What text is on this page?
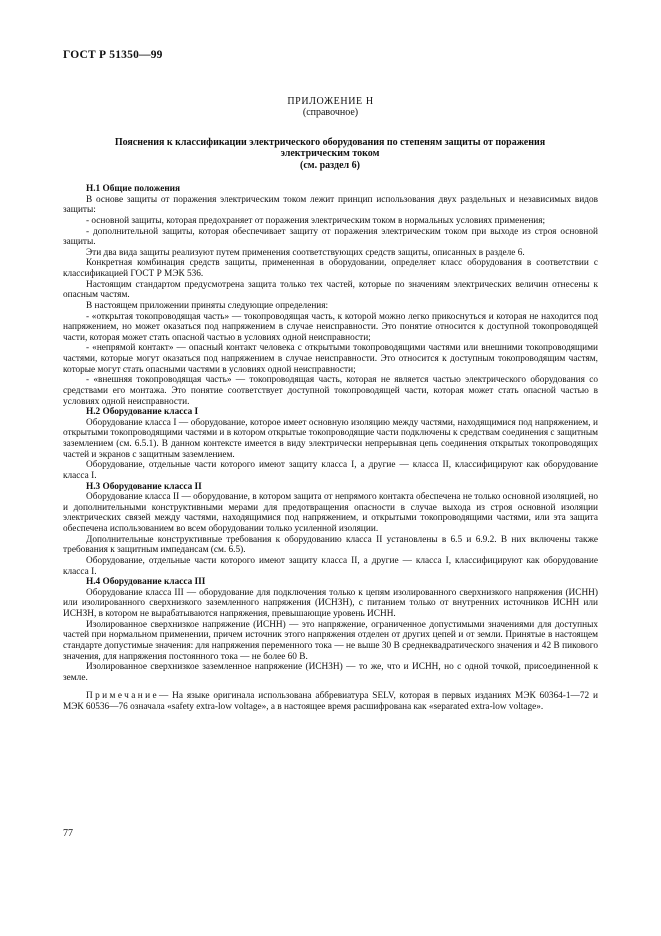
ГОСТ Р 51350—99
ПРИЛОЖЕНИЕ Н
(справочное)
Пояснения к классификации электрического оборудования по степеням защиты от поражения
электрическим током
(см. раздел 6)

Н.1 Общие положения

В основе защиты от поражения электрическим током лежит принцип использования двух раздельных и независимых видов защиты:

- основной защиты, которая предохраняет от поражения электрическим током в нормальных условиях применения;

- дополнительной защиты, которая обеспечивает защиту от поражения электрическим током при выходе из строя основной защиты.

Эти два вида защиты реализуют путем применения соответствующих средств защиты, описанных в разделе 6.

Конкретная комбинация средств защиты, примененная в оборудовании, определяет класс оборудования в соответствии с классификацией ГОСТ Р МЭК 536.

Настоящим стандартом предусмотрена защита только тех частей, которые по значениям электрических величин отнесены к опасным частям.

В настоящем приложении приняты следующие определения:

- «открытая токопроводящая часть» — токопроводящая часть, к которой можно легко прикоснуться и которая не находится под напряжением, но может оказаться под напряжением в случае неисправности. Это понятие относится к доступной токопроводящей части, которая может стать опасной частью в условиях одной неисправности;

- «непрямой контакт» — опасный контакт человека с открытыми токопроводящими частями или внешними токопроводящими частями, которые могут оказаться под напряжением в случае неисправности. Это относится к доступным токопроводящим частям, которые могут стать опасными частями в условиях одной неисправности;

- «внешняя токопроводящая часть» — токопроводящая часть, которая не является частью электрического оборудования со средствами его монтажа. Это понятие соответствует доступной токопроводящей части, которая может стать опасной частью в условиях одной неисправности.

Н.2 Оборудование класса I

Оборудование класса I — оборудование, которое имеет основную изоляцию между частями, находящимися под напряжением, и открытыми токопроводящими частями и в котором открытые токопроводящие части подключены к средствам соединения с защитным заземлением (см. 6.5.1). В данном контексте имеется в виду электрически непрерывная цепь соединения открытых токопроводящих частей и экранов с защитным заземлением.

Оборудование, отдельные части которого имеют защиту класса I, а другие — класса II, классифицируют как оборудование класса I.

Н.3 Оборудование класса II

Оборудование класса II — оборудование, в котором защита от непрямого контакта обеспечена не только основной изоляцией, но и дополнительными конструктивными мерами для предотвращения опасности в случае выхода из строя основной изоляции электрических связей между частями, находящимися под напряжением, и открытыми токопроводящими частями, или эта защита обеспечена использованием во всем оборудовании только усиленной изоляции.

Дополнительные конструктивные требования к оборудованию класса II установлены в 6.5 и 6.9.2. В них включены также требования к защитным импедансам (см. 6.5).

Оборудование, отдельные части которого имеют защиту класса II, а другие — класса I, классифицируют как оборудование класса I.

Н.4 Оборудование класса III

Оборудование класса III — оборудование для подключения только к цепям изолированного сверхнизкого напряжения (ИСНН) или изолированного сверхнизкого заземленного напряжения (ИСНЗН), с питанием только от внутренних источников ИСНН или ИСНЗН, в котором не вырабатываются напряжения, превышающие уровень ИСНН.

Изолированное сверхнизкое напряжение (ИСНН) — это напряжение, ограниченное допустимыми значениями для доступных частей при нормальном применении, причем источник этого напряжения отделен от других цепей и от земли. Принятые в настоящем стандарте допустимые значения: для напряжения переменного тока — не выше 30 В среднеквадратического значения и 42 В пикового значения, для напряжения постоянного тока — не более 60 В.

Изолированное сверхнизкое заземленное напряжение (ИСНЗН) — то же, что и ИСНН, но с одной точкой, присоединенной к земле.

Примечание— На языке оригинала использована аббревиатура SELV, которая в первых изданиях МЭК 60364-1—72 и МЭК 60536—76 означала «safety extra-low voltage», а в настоящее время расшифрована как «separated extra-low voltage».

77
